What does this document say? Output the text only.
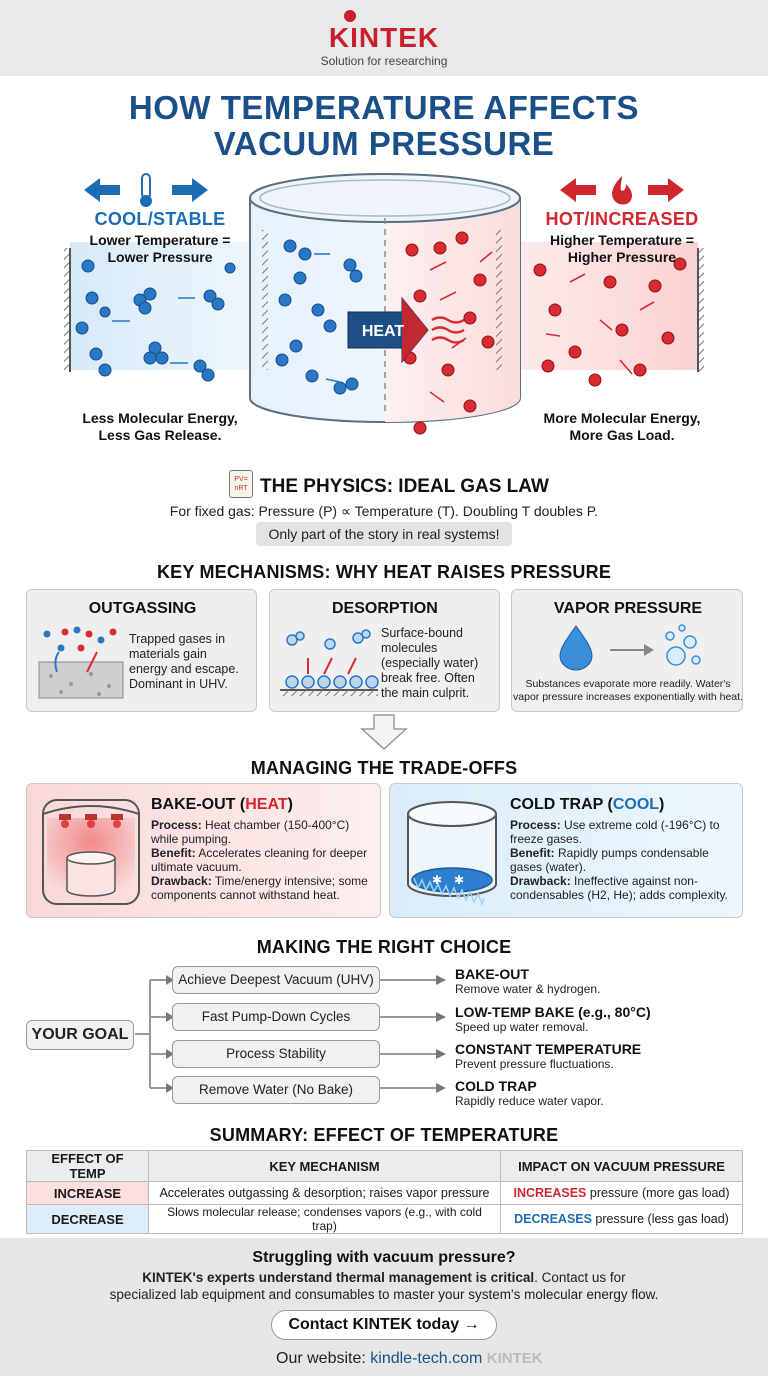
KINTEK
Solution for researching
HOW TEMPERATURE AFFECTS
VACUUM PRESSURE
HEAT
COOL/STABLE
Lower Temperature =
Lower Pressure
Less Molecular Energy,
Less Gas Release.
HOT/INCREASED
Higher Temperature =
Higher Pressure
More Molecular Energy,
More Gas Load.
PV= nRT THE PHYSICS: IDEAL GAS LAW
For fixed gas: Pressure (P) ∝ Temperature (T). Doubling T doubles P.
Only part of the story in real systems!
KEY MECHANISMS: WHY HEAT RAISES PRESSURE
OUTGASSING
Trapped gases in
materials gain
energy and escape.
Dominant in UHV.
DESORPTION
Surface-bound
molecules
(especially water)
break free. Often
the main culprit.
VAPOR PRESSURE
Substances evaporate more readily. Water's
vapor pressure increases exponentially with heat.
MANAGING THE TRADE-OFFS
BAKE-OUT (HEAT)
Process: Heat chamber (150-400°C)
while pumping.
Benefit: Accelerates cleaning for deeper
ultimate vacuum.
Drawback: Time/energy intensive; some
components cannot withstand heat.
✱ ✱
COLD TRAP (COOL)
Process: Use extreme cold (-196°C) to
freeze gases.
Benefit: Rapidly pumps condensable
gases (water).
Drawback: Ineffective against non-
condensables (H2, He); adds complexity.
MAKING THE RIGHT CHOICE
YOUR GOAL
Achieve Deepest Vacuum (UHV)
Fast Pump-Down Cycles
Process Stability
Remove Water (No Bake)
BAKE-OUT
Remove water & hydrogen.
LOW-TEMP BAKE (e.g., 80°C)
Speed up water removal.
CONSTANT TEMPERATURE
Prevent pressure fluctuations.
COLD TRAP
Rapidly reduce water vapor.
SUMMARY: EFFECT OF TEMPERATURE
EFFECT OF TEMP	KEY MECHANISM	IMPACT ON VACUUM PRESSURE
INCREASE	Accelerates outgassing & desorption; raises vapor pressure	INCREASES pressure (more gas load)
DECREASE	Slows molecular release; condenses vapors (e.g., with cold trap)	DECREASES pressure (less gas load)
Struggling with vacuum pressure?
KINTEK's experts understand thermal management is critical. Contact us for
specialized lab equipment and consumables to master your system's molecular energy flow.
Contact KINTEK today →
Our website: kindle-tech.com KINTEK
